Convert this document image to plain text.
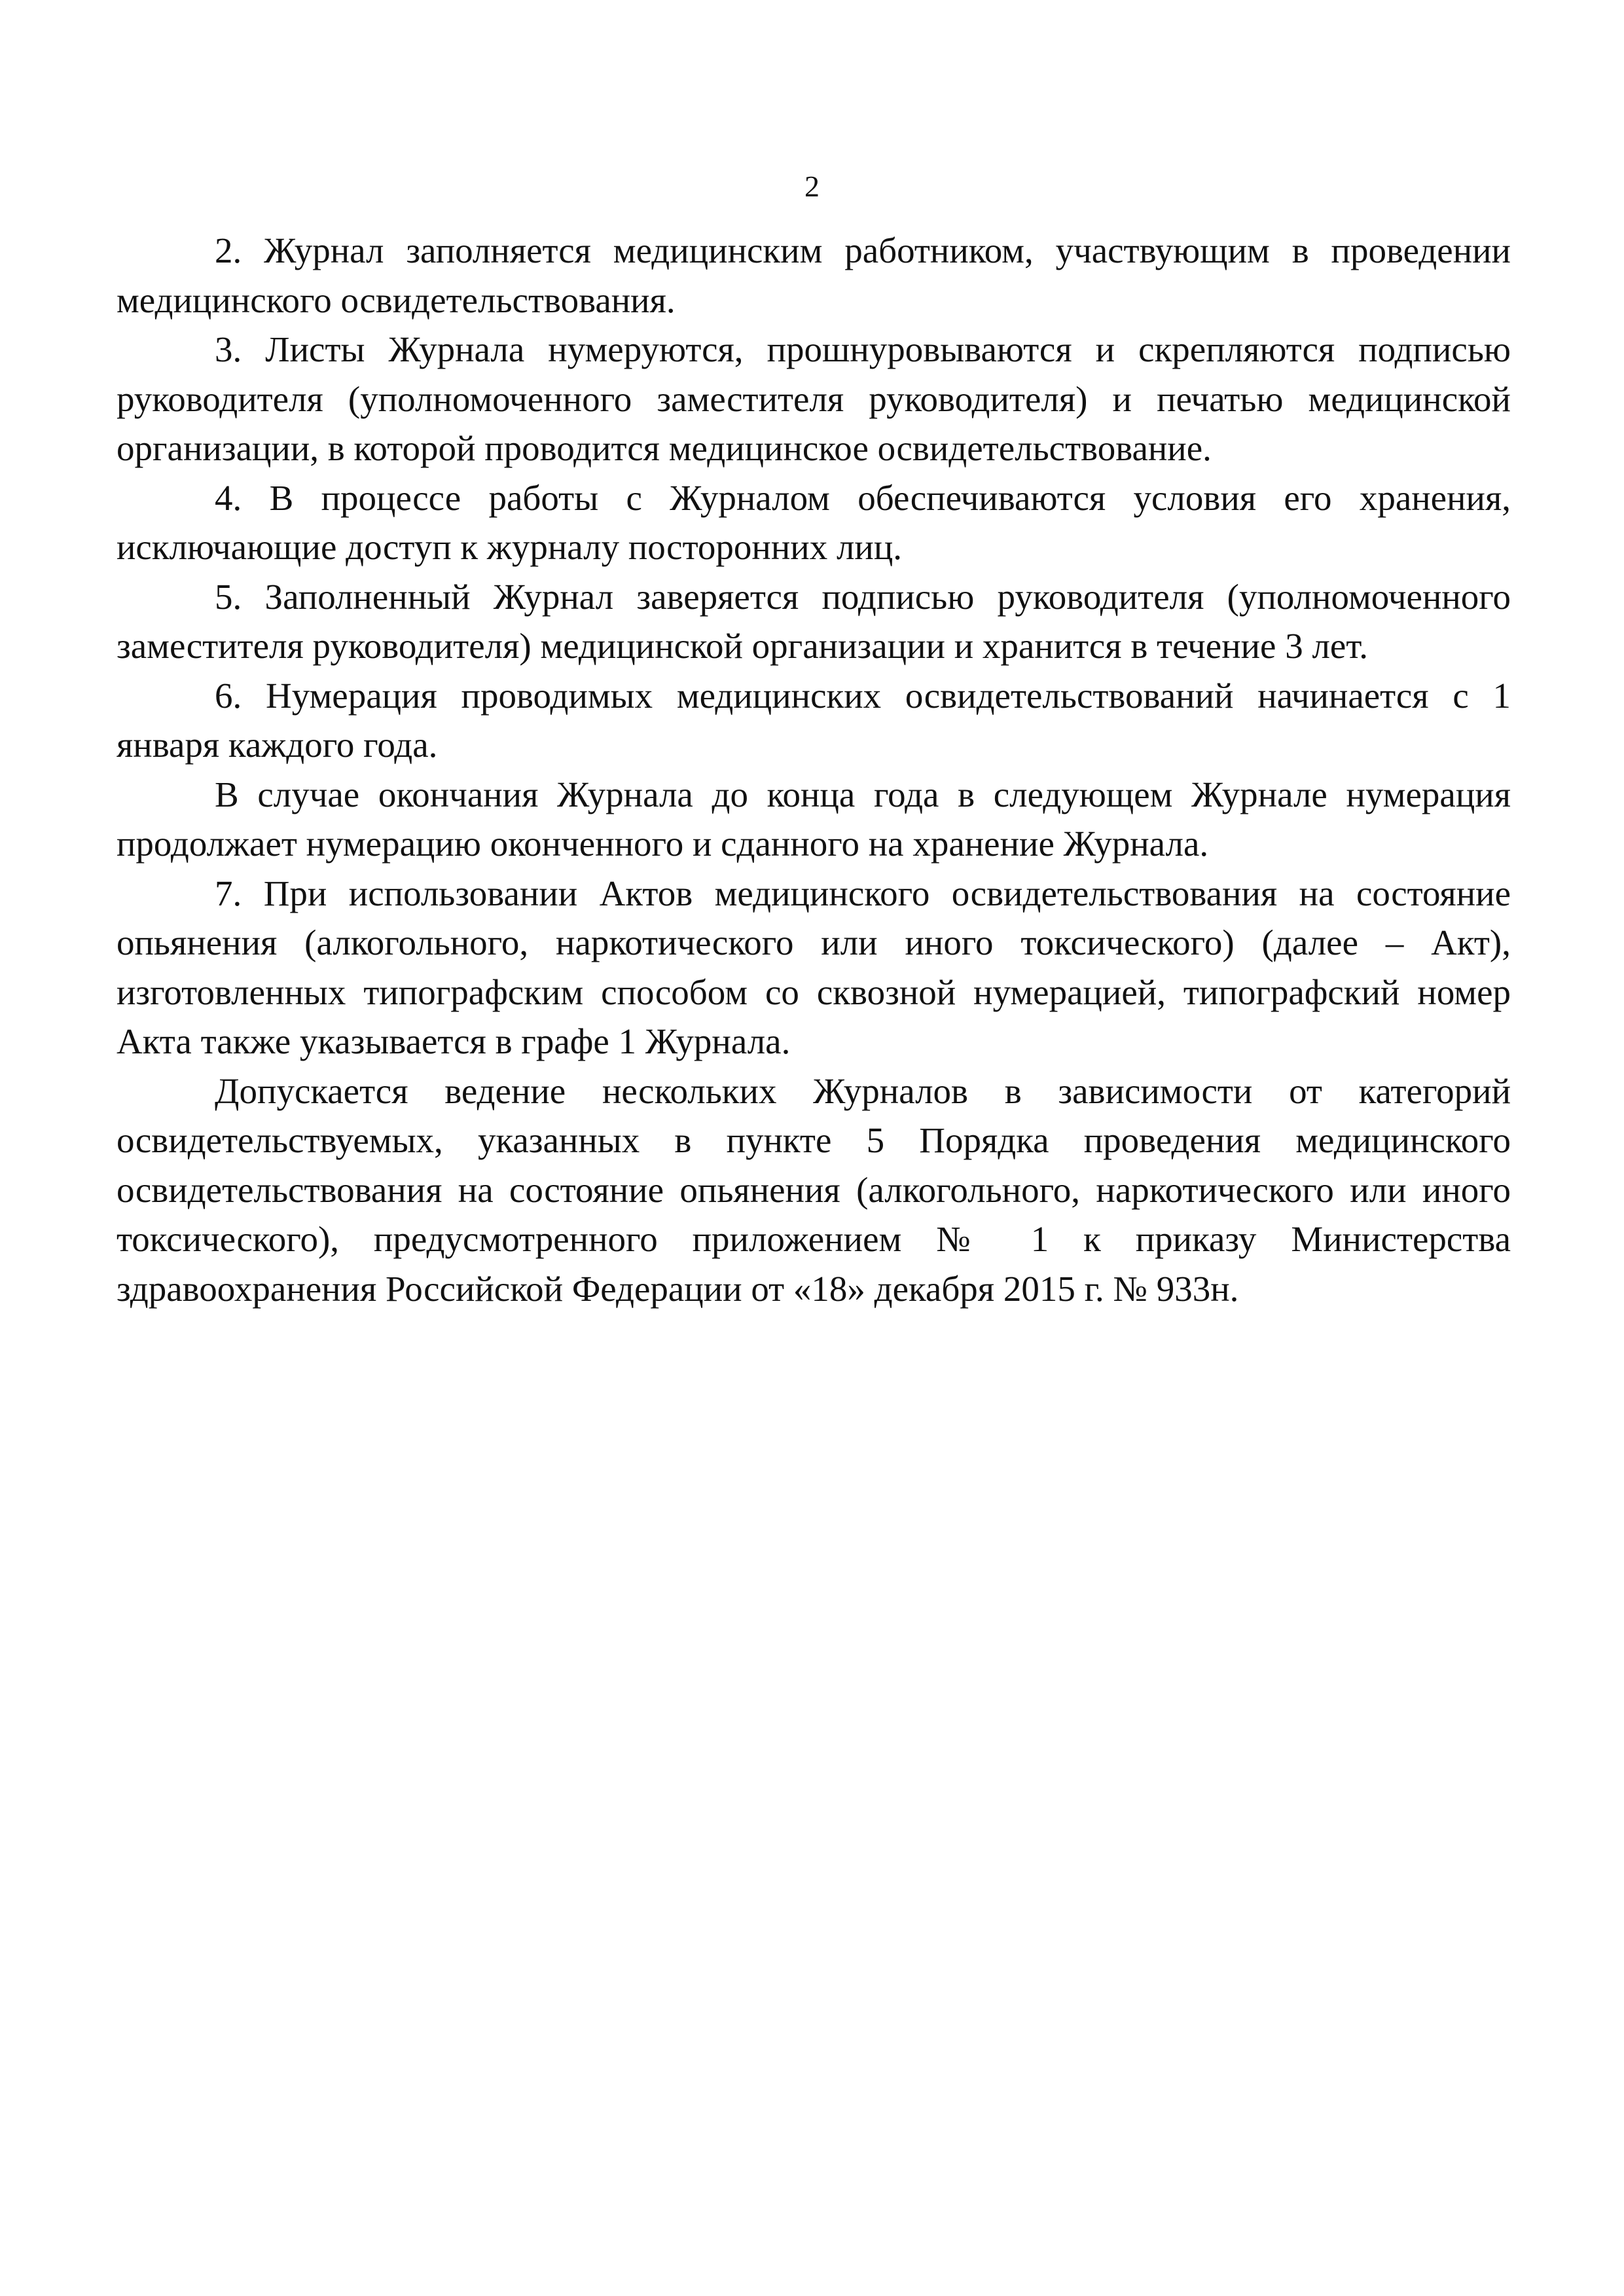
2

2. Журнал заполняется медицинским работником, участвующим в проведении медицинского освидетельствования.

3. Листы Журнала нумеруются, прошнуровываются и скрепляются подписью руководителя (уполномоченного заместителя руководителя) и печатью медицинской организации, в которой проводится медицинское освидетельствование.

4. В процессе работы с Журналом обеспечиваются условия его хранения, исключающие доступ к журналу посторонних лиц.

5. Заполненный Журнал заверяется подписью руководителя (уполномоченного заместителя руководителя) медицинской организации и хранится в течение 3 лет.

6. Нумерация проводимых медицинских освидетельствований начинается с 1 января каждого года.

В случае окончания Журнала до конца года в следующем Журнале нумерация продолжает нумерацию оконченного и сданного на хранение Журнала.

7. При использовании Актов медицинского освидетельствования на состояние опьянения (алкогольного, наркотического или иного токсического) (далее – Акт), изготовленных типографским способом со сквозной нумерацией, типографский номер Акта также указывается в графе 1 Журнала.

Допускается ведение нескольких Журналов в зависимости от категорий освидетельствуемых, указанных в пункте 5 Порядка проведения медицинского освидетельствования на состояние опьянения (алкогольного, наркотического или иного токсического), предусмотренного приложением № 1 к приказу Министерства здравоохранения Российской Федерации от «18» декабря 2015 г. № 933н.
